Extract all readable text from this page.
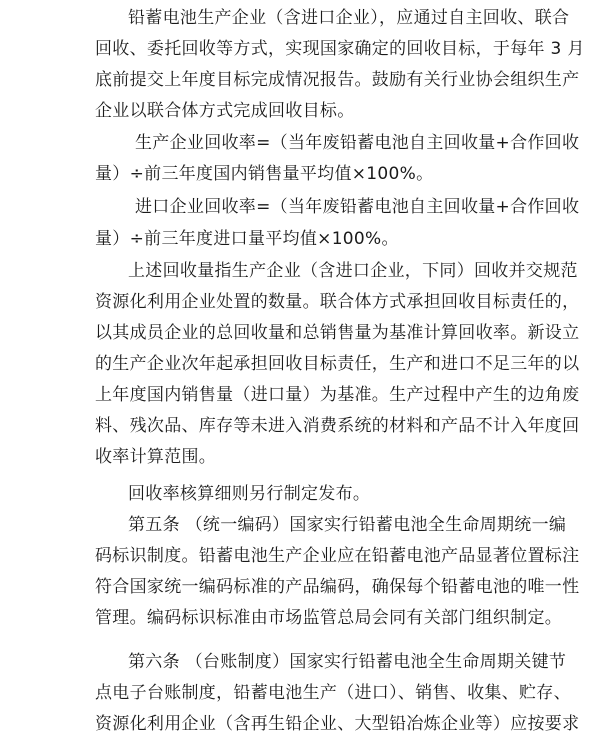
铅蓄电池生产企业（含进口企业），应通过自主回收、联合
回收、委托回收等方式，实现国家确定的回收目标，于每年 3 月
底前提交上年度目标完成情况报告。鼓励有关行业协会组织生产
企业以联合体方式完成回收目标。
生产企业回收率=（当年废铅蓄电池自主回收量+合作回收
量）÷前三年度国内销售量平均值×100%。
进口企业回收率=（当年废铅蓄电池自主回收量+合作回收
量）÷前三年度进口量平均值×100%。
上述回收量指生产企业（含进口企业，下同）回收并交规范
资源化利用企业处置的数量。联合体方式承担回收目标责任的，
以其成员企业的总回收量和总销售量为基准计算回收率。新设立
的生产企业次年起承担回收目标责任，生产和进口不足三年的以
上年度国内销售量（进口量）为基准。生产过程中产生的边角废
料、残次品、库存等未进入消费系统的材料和产品不计入年度回
收率计算范围。
回收率核算细则另行制定发布。
第五条 （统一编码）国家实行铅蓄电池全生命周期统一编
码标识制度。铅蓄电池生产企业应在铅蓄电池产品显著位置标注
符合国家统一编码标准的产品编码，确保每个铅蓄电池的唯一性
管理。编码标识标准由市场监管总局会同有关部门组织制定。
第六条 （台账制度）国家实行铅蓄电池全生命周期关键节
点电子台账制度，铅蓄电池生产（进口）、销售、收集、贮存、
资源化利用企业（含再生铅企业、大型铅冶炼企业等）应按要求
